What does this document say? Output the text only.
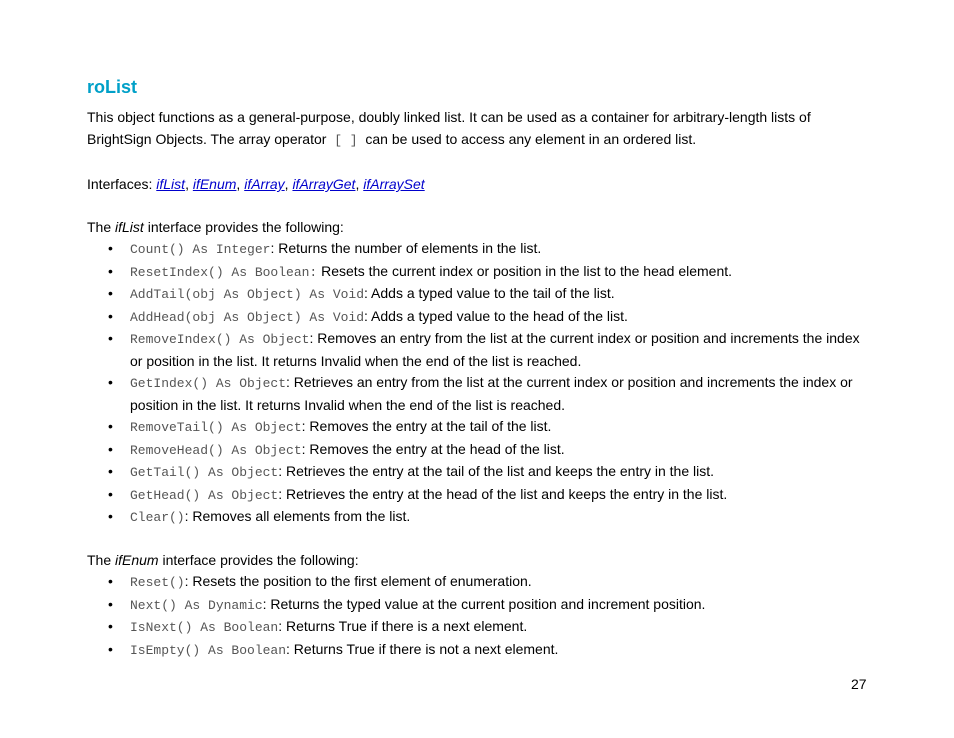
roList

This object functions as a general-purpose, doubly linked list. It can be used as a container for arbitrary-length lists of BrightSign Objects. The array operator [ ] can be used to access any element in an ordered list.

Interfaces: ifList, ifEnum, ifArray, ifArrayGet, ifArraySet

The ifList interface provides the following:

• Count() As Integer: Returns the number of elements in the list.
• ResetIndex() As Boolean: Resets the current index or position in the list to the head element.
• AddTail(obj As Object) As Void: Adds a typed value to the tail of the list.
• AddHead(obj As Object) As Void: Adds a typed value to the head of the list.
• RemoveIndex() As Object: Removes an entry from the list at the current index or position and increments the index or position in the list. It returns Invalid when the end of the list is reached.
• GetIndex() As Object: Retrieves an entry from the list at the current index or position and increments the index or position in the list. It returns Invalid when the end of the list is reached.
• RemoveTail() As Object: Removes the entry at the tail of the list.
• RemoveHead() As Object: Removes the entry at the head of the list.
• GetTail() As Object: Retrieves the entry at the tail of the list and keeps the entry in the list.
• GetHead() As Object: Retrieves the entry at the head of the list and keeps the entry in the list.
• Clear(): Removes all elements from the list.

The ifEnum interface provides the following:

• Reset(): Resets the position to the first element of enumeration.
• Next() As Dynamic: Returns the typed value at the current position and increment position.
• IsNext() As Boolean: Returns True if there is a next element.
• IsEmpty() As Boolean: Returns True if there is not a next element.
27
